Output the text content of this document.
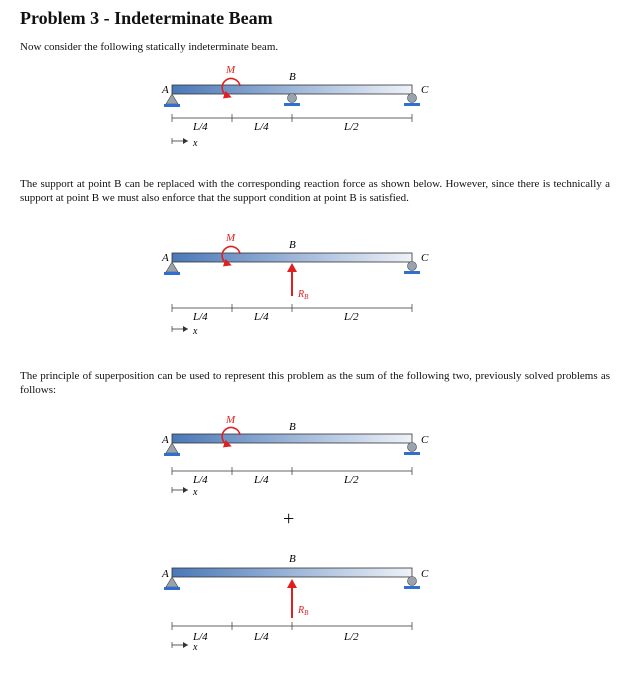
Problem 3 - Indeterminate Beam

Now consider the following statically indeterminate beam.

M
B
A	C
L/4	L/4	L/2
x

The support at point B can be replaced with the corresponding reaction force as shown below. However, since there is technically a support at point B we must also enforce that the support condition at point B is satisfied.

M
B
A	C
$R_B$
L/4	L/4	L/2
x

The principle of superposition can be used to represent this problem as the sum of the following two, previously solved problems as follows:

M
B
A	C
L/4	L/4	L/2
x
+
B
A	C
$R_B$
L/4	L/4	L/2
x
